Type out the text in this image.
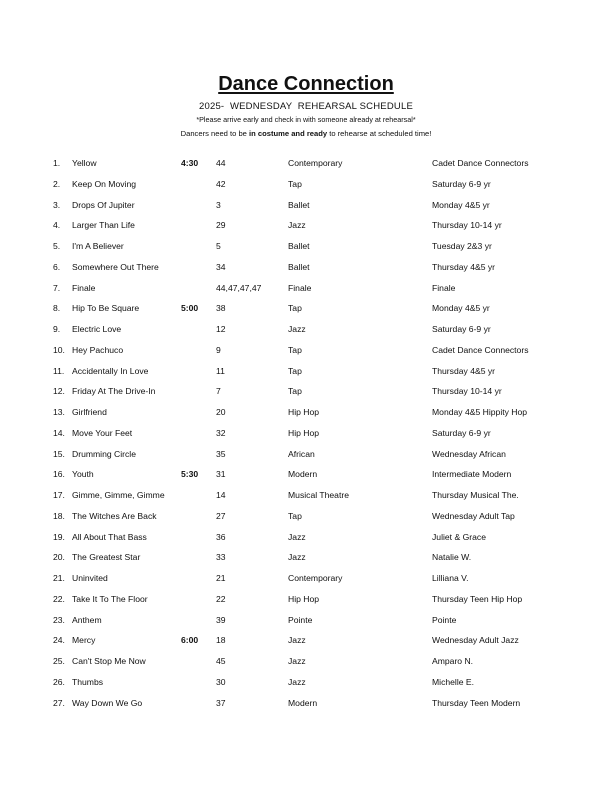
Dance Connection
2025-  WEDNESDAY  REHEARSAL SCHEDULE
*Please arrive early and check in with someone already at rehearsal*
Dancers need to be in costume and ready to rehearse at scheduled time!
1. Yellow	4:30 44	Contemporary	Cadet Dance Connectors
2. Keep On Moving	42	Tap	Saturday 6-9 yr
3. Drops Of Jupiter	3	Ballet	Monday 4&5 yr
4. Larger Than Life	29	Jazz	Thursday 10-14 yr
5. I'm A Believer	5	Ballet	Tuesday 2&3 yr
6. Somewhere Out There	34	Ballet	Thursday 4&5 yr
7. Finale	44,47,47,47	Finale	Finale
8. Hip To Be Square	5:00 38	Tap	Monday 4&5 yr
9. Electric Love	12	Jazz	Saturday 6-9 yr
10. Hey Pachuco	9	Tap	Cadet Dance Connectors
11. Accidentally In Love	11	Tap	Thursday 4&5 yr
12. Friday At The Drive-In	7	Tap	Thursday 10-14 yr
13. Girlfriend	20	Hip Hop	Monday 4&5 Hippity Hop
14. Move Your Feet	32	Hip Hop	Saturday 6-9 yr
15. Drumming Circle	35	African	Wednesday African
16. Youth	5:30 31	Modern	Intermediate Modern
17. Gimme, Gimme, Gimme	14	Musical Theatre	Thursday Musical The.
18. The Witches Are Back	27	Tap	Wednesday Adult Tap
19. All About That Bass	36	Jazz	Juliet & Grace
20. The Greatest Star	33	Jazz	Natalie W.
21. Uninvited	21	Contemporary	Lilliana V.
22. Take It To The Floor	22	Hip Hop	Thursday Teen Hip Hop
23. Anthem	39	Pointe	Pointe
24. Mercy	6:00 18	Jazz	Wednesday Adult Jazz
25. Can't Stop Me Now	45	Jazz	Amparo N.
26. Thumbs	30	Jazz	Michelle E.
27. Way Down We Go	37	Modern	Thursday Teen Modern
